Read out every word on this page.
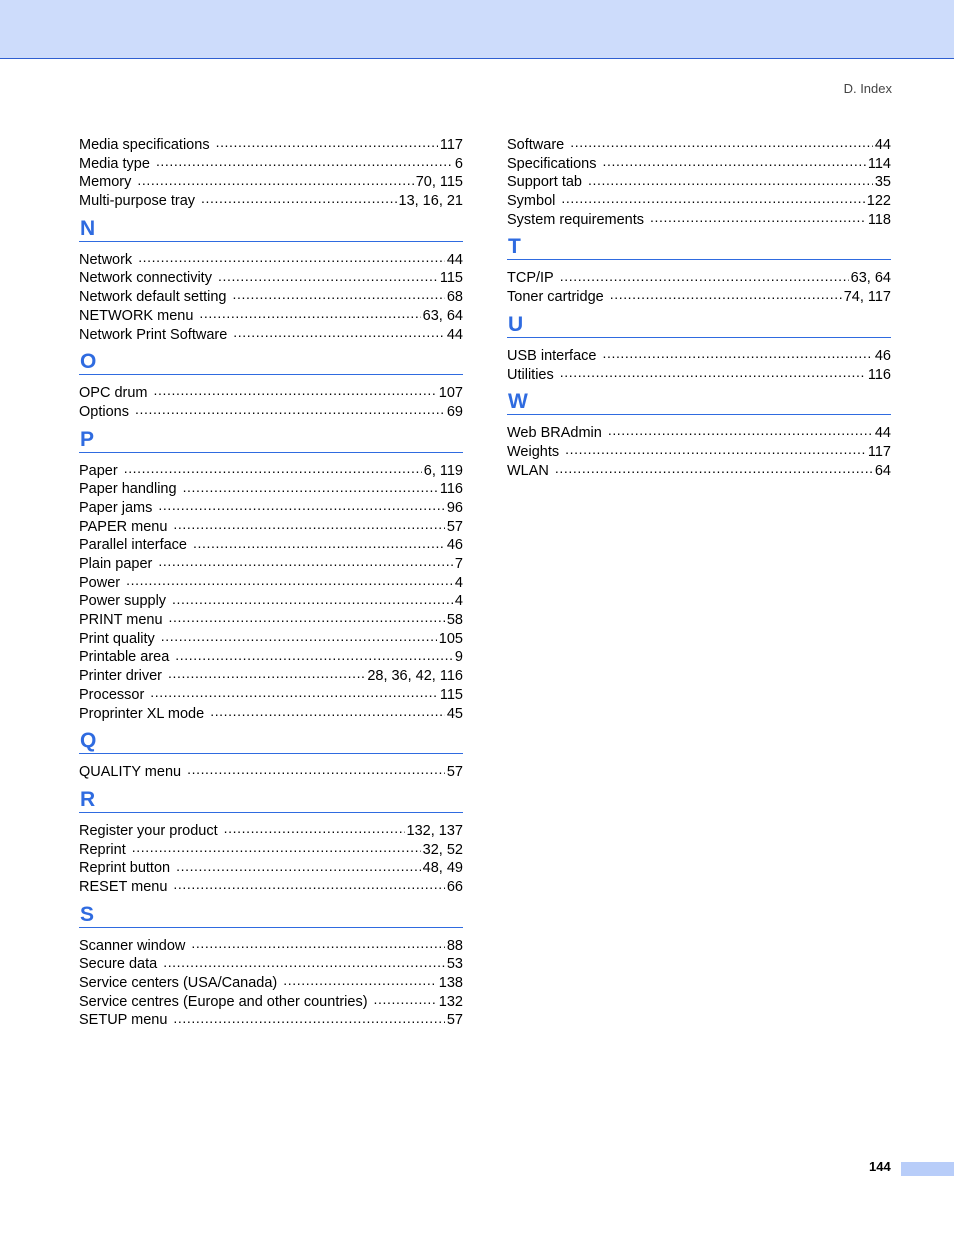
D. Index
Media specifications .....	117
Media type .....	6
Memory .....	70, 115
Multi-purpose tray .....	13, 16, 21
N
Network .....	44
Network connectivity .....	115
Network default setting .....	68
NETWORK menu .....	63, 64
Network Print Software .....	44
O
OPC drum .....	107
Options .....	69
P
Paper .....	6, 119
Paper handling .....	116
Paper jams .....	96
PAPER menu .....	57
Parallel interface .....	46
Plain paper .....	7
Power .....	4
Power supply .....	4
PRINT menu .....	58
Print quality .....	105
Printable area .....	9
Printer driver .....	28, 36, 42, 116
Processor .....	115
Proprinter XL mode .....	45
Q
QUALITY menu .....	57
R
Register your product .....	132, 137
Reprint .....	32, 52
Reprint button .....	48, 49
RESET menu .....	66
S
Scanner window .....	88
Secure data .....	53
Service centers (USA/Canada) .....	138
Service centres (Europe and other countries) .....	132
SETUP menu .....	57
Software .....	44
Specifications .....	114
Support tab .....	35
Symbol .....	122
System requirements .....	118
T
TCP/IP .....	63, 64
Toner cartridge .....	74, 117
U
USB interface .....	46
Utilities .....	116
W
Web BRAdmin .....	44
Weights .....	117
WLAN .....	64
144
